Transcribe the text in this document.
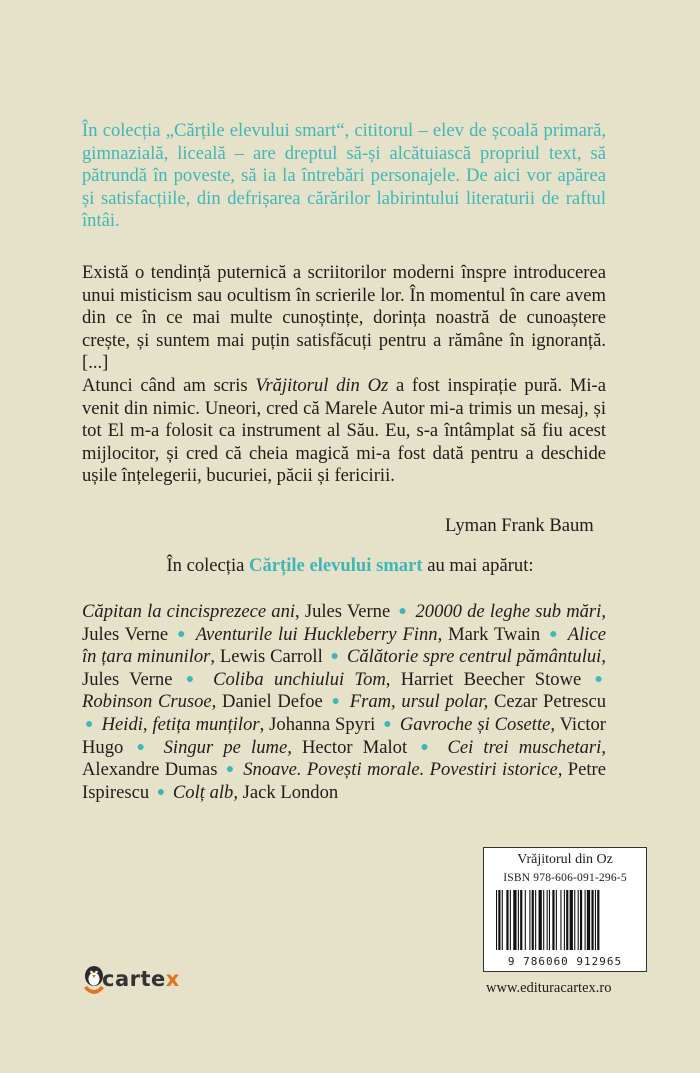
În colecția „Cărțile elevului smart“, cititorul – elev de școală primară, gimnazială, liceală – are dreptul să-și alcătuiască propriul text, să pătrundă în poveste, să ia la întrebări personajele. De aici vor apărea și satisfacțiile, din defrișarea cărărilor labirintului literaturii de raftul întâi.

Există o tendință puternică a scriitorilor moderni înspre introducerea unui misticism sau ocultism în scrierile lor. În momentul în care avem din ce în ce mai multe cunoștințe, dorința noastră de cunoaștere crește, și suntem mai puțin satisfăcuți pentru a rămâne în ignoranță. [...]
Atunci când am scris Vrăjitorul din Oz a fost inspirație pură. Mi-a venit din nimic. Uneori, cred că Marele Autor mi-a trimis un mesaj, și tot El m-a folosit ca instrument al Său. Eu, s-a întâmplat să fiu acest mijlocitor, și cred că cheia magică mi-a fost dată pentru a deschide ușile înțelegerii, bucuriei, păcii și fericirii.

Lyman Frank Baum
În colecția Cărțile elevului smart au mai apărut:

Căpitan la cincisprezece ani, Jules Verne ● 20000 de leghe sub mări, Jules Verne ● Aventurile lui Huckleberry Finn, Mark Twain ● Alice în țara minunilor, Lewis Carroll ● Călătorie spre centrul pământului, Jules Verne ● Coliba unchiului Tom, Harriet Beecher Stowe ● Robinson Crusoe, Daniel Defoe ● Fram, ursul polar, Cezar Petrescu ● Heidi, fetița munților, Johanna Spyri ● Gavroche și Cosette, Victor Hugo ● Singur pe lume, Hector Malot ● Cei trei muschetari, Alexandre Dumas ● Snoave. Povești morale. Povestiri istorice, Petre Ispirescu ● Colț alb, Jack London

Vrăjitorul din Oz
ISBN 978-606-091-296-5
9 786060 912965
www.edituracartex.ro
cartex
